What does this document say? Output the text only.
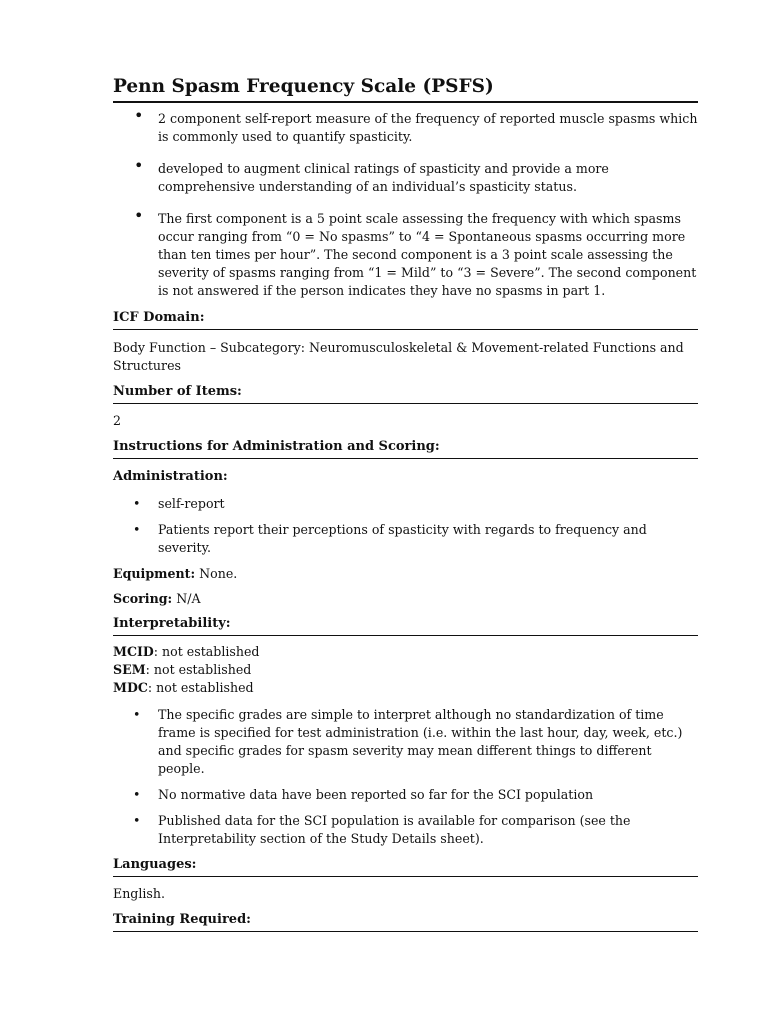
Penn Spasm Frequency Scale (PSFS)
• 2 component self-report measure of the frequency of reported muscle spasms which is commonly used to quantify spasticity.
• developed to augment clinical ratings of spasticity and provide a more comprehensive understanding of an individual’s spasticity status.
• The first component is a 5 point scale assessing the frequency with which spasms occur ranging from “0 = No spasms” to “4 = Spontaneous spasms occurring more than ten times per hour”. The second component is a 3 point scale assessing the severity of spasms ranging from “1 = Mild” to “3 = Severe”. The second component is not answered if the person indicates they have no spasms in part 1.
ICF Domain:

Body Function – Subcategory: Neuromusculoskeletal & Movement-related Functions and Structures

Number of Items:

2

Instructions for Administration and Scoring:
Administration:
• self-report
• Patients report their perceptions of spasticity with regards to frequency and severity.

Equipment: None.

Scoring: N/A

Interpretability:

MCID: not established

SEM: not established

MDC: not established

• The specific grades are simple to interpret although no standardization of time frame is specified for test administration (i.e. within the last hour, day, week, etc.) and specific grades for spasm severity may mean different things to different people.
• No normative data have been reported so far for the SCI population
• Published data for the SCI population is available for comparison (see the Interpretability section of the Study Details sheet).
Languages:

English.

Training Required:
